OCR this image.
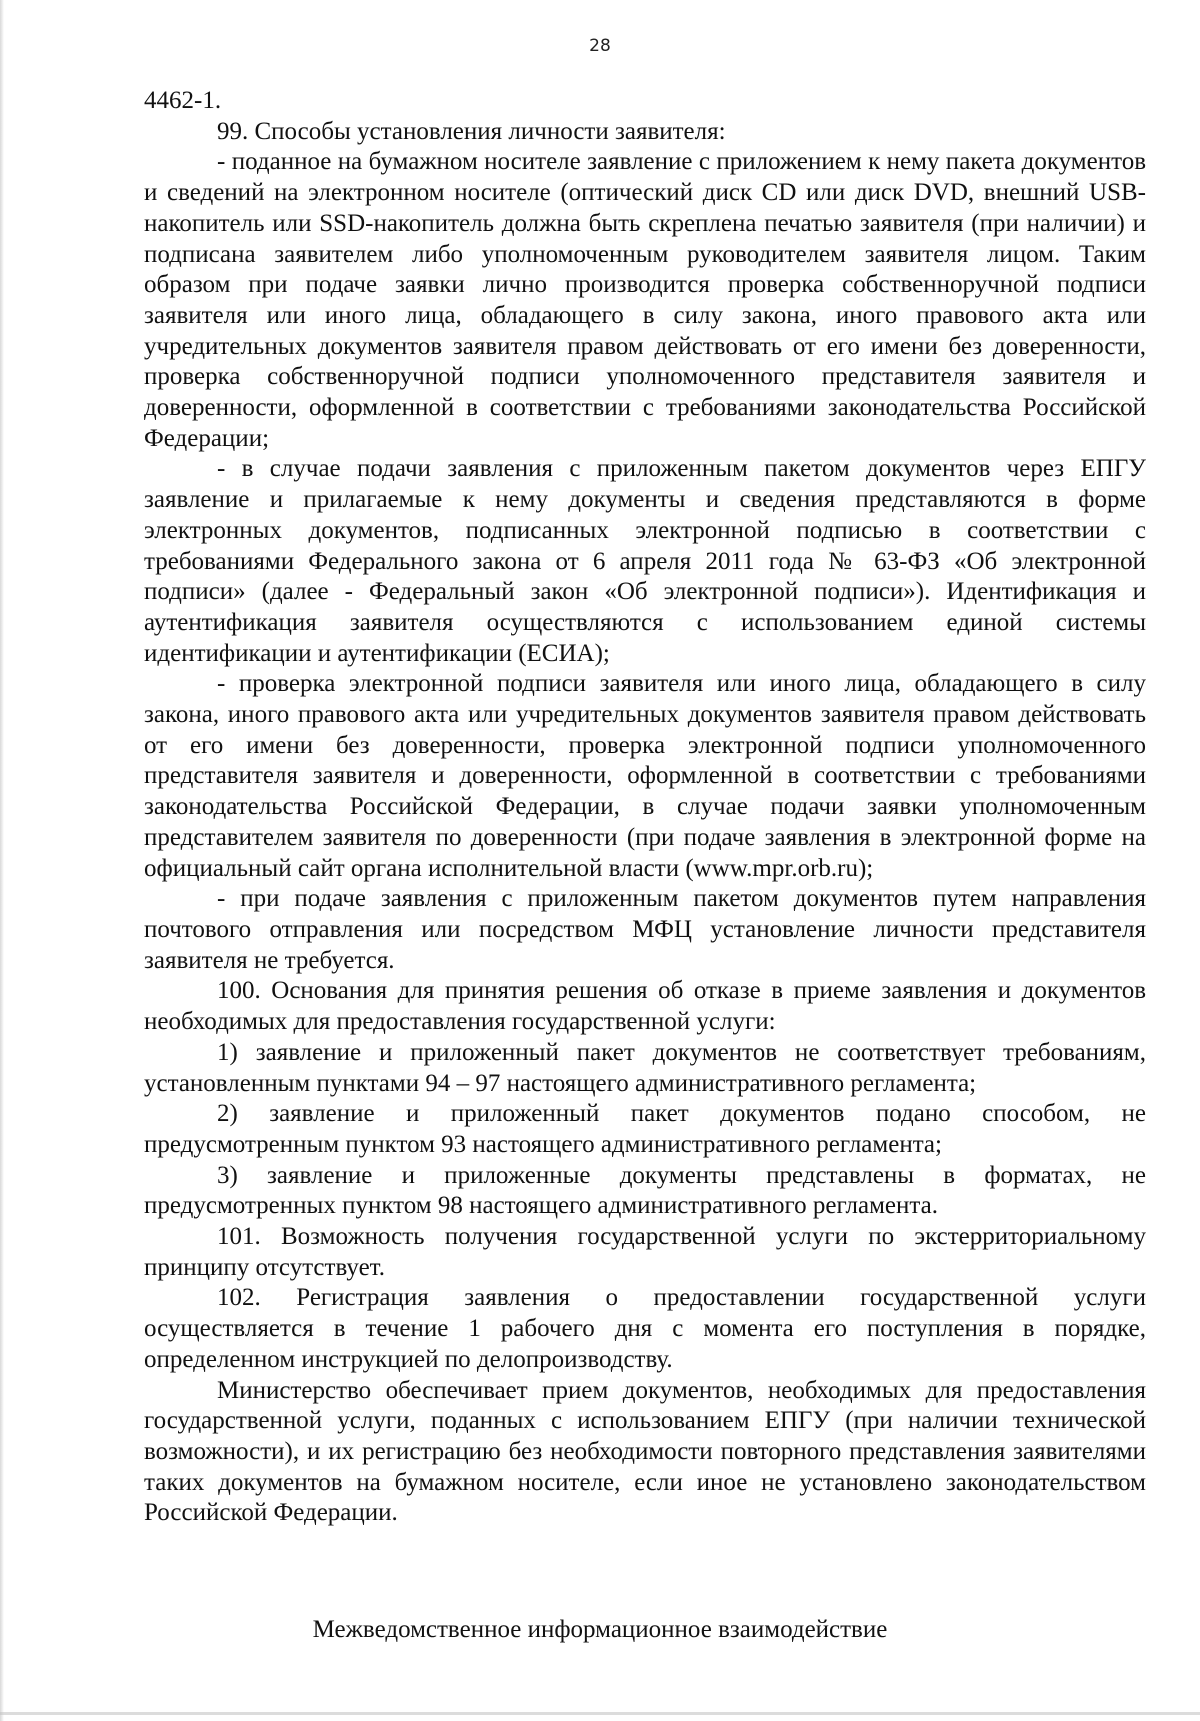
28

4462-1.

99. Способы установления личности заявителя:

- поданное на бумажном носителе заявление с приложением к нему пакета документов и сведений на электронном носителе (оптический диск CD или диск DVD, внешний USB-накопитель или SSD-накопитель должна быть скреплена печатью заявителя (при наличии) и подписана заявителем либо уполномоченным руководителем заявителя лицом. Таким образом при подаче заявки лично производится проверка собственноручной подписи заявителя или иного лица, обладающего в силу закона, иного правового акта или учредительных документов заявителя правом действовать от его имени без доверенности, проверка собственноручной подписи уполномоченного представителя заявителя и доверенности, оформленной в соответствии с требованиями законодательства Российской Федерации;

- в случае подачи заявления с приложенным пакетом документов через ЕПГУ заявление и прилагаемые к нему документы и сведения представляются в форме электронных документов, подписанных электронной подписью в соответствии с требованиями Федерального закона от 6 апреля 2011 года № 63-ФЗ «Об электронной подписи» (далее - Федеральный закон «Об электронной подписи»). Идентификация и аутентификация заявителя осуществляются с использованием единой системы идентификации и аутентификации (ЕСИА);

- проверка электронной подписи заявителя или иного лица, обладающего в силу закона, иного правового акта или учредительных документов заявителя правом действовать от его имени без доверенности, проверка электронной подписи уполномоченного представителя заявителя и доверенности, оформленной в соответствии с требованиями законодательства Российской Федерации, в случае подачи заявки уполномоченным представителем заявителя по доверенности (при подаче заявления в электронной форме на официальный сайт органа исполнительной власти (www.mpr.orb.ru);

- при подаче заявления с приложенным пакетом документов путем направления почтового отправления или посредством МФЦ установление личности представителя заявителя не требуется.

100. Основания для принятия решения об отказе в приеме заявления и документов необходимых для предоставления государственной услуги:

1) заявление и приложенный пакет документов не соответствует требованиям, установленным пунктами 94 – 97 настоящего административного регламента;

2) заявление и приложенный пакет документов подано способом, не предусмотренным пунктом 93 настоящего административного регламента;

3) заявление и приложенные документы представлены в форматах, не предусмотренных пунктом 98 настоящего административного регламента.

101. Возможность получения государственной услуги по экстерриториальному принципу отсутствует.

102. Регистрация заявления о предоставлении государственной услуги осуществляется в течение 1 рабочего дня с момента его поступления в порядке, определенном инструкцией по делопроизводству.

Министерство обеспечивает прием документов, необходимых для предоставления государственной услуги, поданных с использованием ЕПГУ (при наличии технической возможности), и их регистрацию без необходимости повторного представления заявителями таких документов на бумажном носителе, если иное не установлено законодательством Российской Федерации.

Межведомственное информационное взаимодействие
